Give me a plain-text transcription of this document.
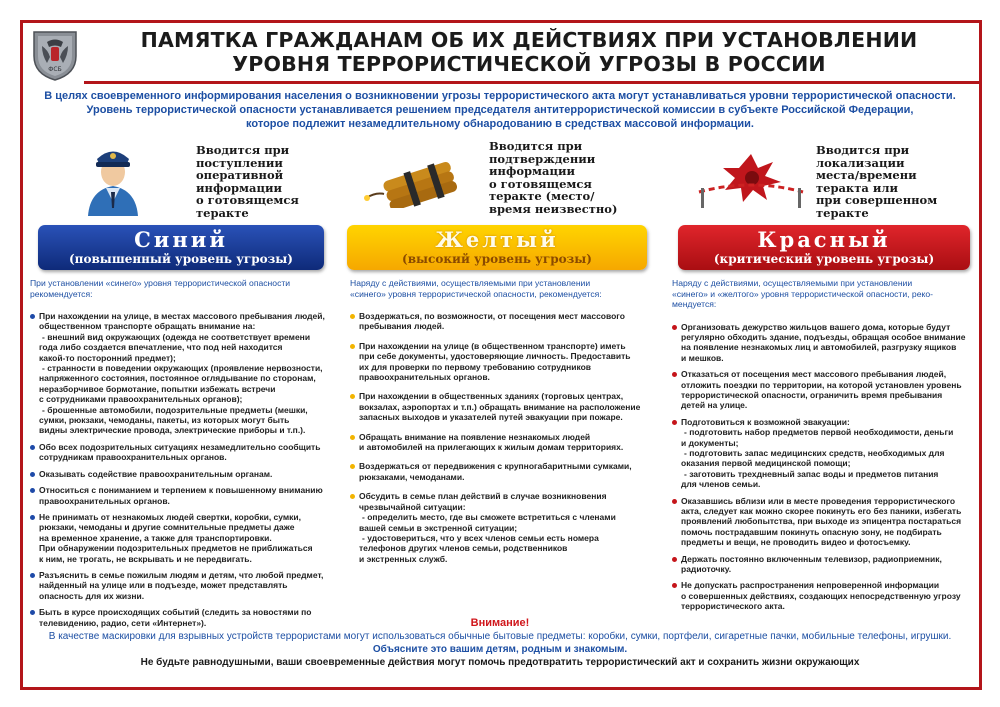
ФСБ
ПАМЯТКА ГРАЖДАНАМ ОБ ИХ ДЕЙСТВИЯХ ПРИ УСТАНОВЛЕНИИ
УРОВНЯ ТЕРРОРИСТИЧЕСКОЙ УГРОЗЫ В РОССИИ
В целях своевременного информирования населения о возникновении угрозы террористического акта могут устанавливаться уровни террористической опасности.
Уровень террористической опасности устанавливается решением председателя антитеррористической комиссии в субъекте Российской Федерации,
которое подлежит незамедлительному обнародованию в средствах массовой информации.
Вводится при
поступлении
оперативной
информации
о готовящемся
теракте
Вводится при
подтверждении
информации
о готовящемся
теракте (место/
время неизвестно)
Вводится при
локализации
места/времени
теракта или
при совершенном
теракте
Синий
(повышенный уровень угрозы)
Желтый
(высокий уровень угрозы)
Красный
(критический уровень угрозы)
При установлении «синего» уровня террористической опасности
рекомендуется:
При нахождении на улице, в местах массового пребывания людей,
общественном транспорте обращать внимание на:
- внешний вид окружающих (одежда не соответствует времени
года либо создается впечатление, что под ней находится
какой-то посторонний предмет);
- странности в поведении окружающих (проявление нервозности,
напряженного состояния, постоянное оглядывание по сторонам,
неразборчивое бормотание, попытки избежать встречи
с сотрудниками правоохранительных органов);
- брошенные автомобили, подозрительные предметы (мешки,
сумки, рюкзаки, чемоданы, пакеты, из которых могут быть
видны электрические провода, электрические приборы и т.п.).
Обо всех подозрительных ситуациях незамедлительно сообщить
сотрудникам правоохранительных органов.
Оказывать содействие правоохранительным органам.
Относиться с пониманием и терпением к повышенному вниманию
правоохранительных органов.
Не принимать от незнакомых людей свертки, коробки, сумки,
рюкзаки, чемоданы и другие сомнительные предметы даже
на временное хранение, а также для транспортировки.
При обнаружении подозрительных предметов не приближаться
к ним, не трогать, не вскрывать и не передвигать.
Разъяснить в семье пожилым людям и детям, что любой предмет,
найденный на улице или в подъезде, может представлять
опасность для их жизни.
Быть в курсе происходящих событий (следить за новостями по
телевидению, радио, сети «Интернет»).
Наряду с действиями, осуществляемыми при установлении
«синего» уровня террористической опасности, рекомендуется:
Воздержаться, по возможности, от посещения мест массового
пребывания людей.
При нахождении на улице (в общественном транспорте) иметь
при себе документы, удостоверяющие личность. Предоставить
их для проверки по первому требованию сотрудников
правоохранительных органов.
При нахождении в общественных зданиях (торговых центрах,
вокзалах, аэропортах и т.п.) обращать внимание на расположение
запасных выходов и указателей путей эвакуации при пожаре.
Обращать внимание на появление незнакомых людей
и автомобилей на прилегающих к жилым домам территориях.
Воздержаться от передвижения с крупногабаритными сумками,
рюкзаками, чемоданами.
Обсудить в семье план действий в случае возникновения
чрезвычайной ситуации:
- определить место, где вы сможете встретиться с членами
вашей семьи в экстренной ситуации;
- удостовериться, что у всех членов семьи есть номера
телефонов других членов семьи, родственников
и экстренных служб.
Наряду с действиями, осуществляемыми при установлении
«синего» и «желтого» уровня террористической опасности, реко-
мендуется:
Организовать дежурство жильцов вашего дома, которые будут
регулярно обходить здание, подъезды, обращая особое внимание
на появление незнакомых лиц и автомобилей, разгрузку ящиков
и мешков.
Отказаться от посещения мест массового пребывания людей,
отложить поездки по территории, на которой установлен уровень
террористической опасности, ограничить время пребывания
детей на улице.
Подготовиться к возможной эвакуации:
- подготовить набор предметов первой необходимости, деньги
и документы;
- подготовить запас медицинских средств, необходимых для
оказания первой медицинской помощи;
- заготовить трехдневный запас воды и предметов питания
для членов семьи.
Оказавшись вблизи или в месте проведения террористического
акта, следует как можно скорее покинуть его без паники, избегать
проявлений любопытства, при выходе из эпицентра постараться
помочь пострадавшим покинуть опасную зону, не подбирать
предметы и вещи, не проводить видео и фотосъемку.
Держать постоянно включенным телевизор, радиоприемник,
радиоточку.
Не допускать распространения непроверенной информации
о совершенных действиях, создающих непосредственную угрозу
террористического акта.
Внимание!
В качестве маскировки для взрывных устройств террористами могут использоваться обычные бытовые предметы: коробки, сумки, портфели, сигаретные пачки, мобильные телефоны, игрушки.
Объясните это вашим детям, родным и знакомым.
Не будьте равнодушными, ваши своевременные действия могут помочь предотвратить террористический акт и сохранить жизни окружающих
